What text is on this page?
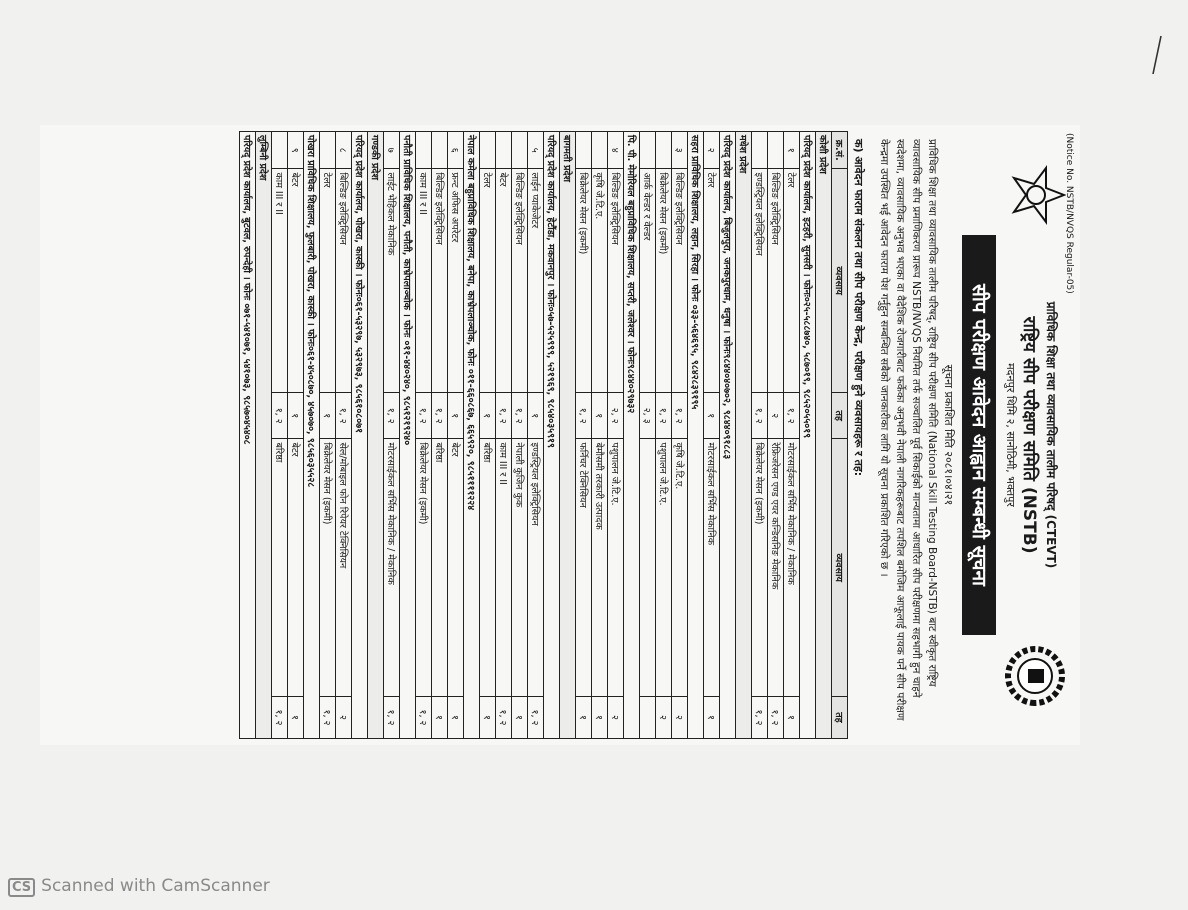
(Notice No. NSTB/NVQS Regular-05)
प्राविधिक शिक्षा तथा व्यावसायिक तालीम परिषद् (CTEVT)
राष्ट्रिय सीप परीक्षण समिति (NSTB)
मदनपुर थिमि २, सानोठिमी, भक्तपुर
सीप परीक्षण आवेदन आह्वान सम्बन्धी सूचना
सूचना प्रकाशित मिति २०८१।०४।२१
प्राविधिक शिक्षा तथा व्यावसायिक तालीम परिषद्, राष्ट्रिय सीप परीक्षण समिति (National Skill Testing Board-NSTB) बाट स्वीकृत राष्ट्रिय व्यावसायिक सीप प्रमाणिकरण प्रारूप NSTB/NVQS नियमित तर्फ सञ्चालित पूर्व सिकाईको मान्यतामा आधारित सीप परीक्षणमा सहभागी हुन चाहने स्वदेशमा, व्यावसायिक अनुभव भएका वा वैदेशिक रोजगारीबाट फर्केका अनुभवी नेपाली नागरिकहरूबाट तपशिल बमोजिम आफूलाई पायक पर्ने सीप परीक्षण केन्द्रमा उपस्थित भई आवेदन फाराम पेश गर्नुहुन सम्बन्धित सबैको जानकारीका लागि यो सूचना प्रकाशित गरिएको छ ।
क) आवेदन फाराम संकलन तथा सीप परीक्षण केन्द्र, परीक्षण हुने व्यवसायहरू र तह:
क्र.सं.	व्यवसाय	तह	व्यवसाय	तह
कोशी प्रदेश				
परियद् प्रदेश कार्यालय, इटहरी, सुनसरी । फोनः०२५-५८८७४०, ५८७०१९, ९८५२०५५०१९				
१	टेलर	१, २	मोटरसाईकल सर्भिस मेकानिक / मेकानिक	१
	बिल्डिङ इलेक्ट्रिसियन	२	रेफ्रिजरेसन एण्ड एयर कन्डिसनिङ मेकानिक	१, २
	इण्डस्ट्रियल इलेक्ट्रिसियन	१, २	बिक्रेलेयर मेसन (इकमी)	१, २
मधेश प्रदेश				
परियद् प्रदेश कार्यालय, बिजुलपुरा, जनकपुरधाम, धनुषा । फोनः९८४४०४०७०२, ९८४४०९१८८३				
२	टेलर	१	मोटरसाईकल सर्भिस मेकानिक	१
सहरा प्राविधिक शिक्षालय, लहान, सिरहा । फोनः ०३३-५६४६९५, ९८४२८३९१९५				
३	बिल्डिङ इलेक्ट्रिसियन	१, २	कृषि जे.टि.ए.	२
	बिक्रेलेयर मेसन (इकमी)	१, २	पशुपालन जे.टि.ए.	२
	आर्क वेल्डर र वेल्डर	२, ३		
पि. पी. मेमोरियल बहुप्राविधिक शिक्षालय, सप्तरी, जलेश्वर । फोनः९८४४०२९७३२				
४	बिल्डिङ इलेक्ट्रिसियन	२, २	पशुपालन जे.टि.ए.	२
	कृषि जे.टि.ए.	१	बेमौसमी तरकारी उत्पादक	१
	बिक्रेलेयर मेसन (इकमी)	१, २	फर्निचर टेक्निसियन	१
बागमती प्रदेश				
परियद् प्रदेश कार्यालय, हेटौंडा, मकवानपुर । फोनः०५७-५२५९९९, ५२१९६९, ९८५४०३५९१९				
५	लाईन प्याकेजेटर	१	इण्डस्ट्रियल इलेक्ट्रिसियन	१, २
	बिल्डिङ इलेक्ट्रिसियन	१, २	नेपाली कुजिन कुक	१
	बेटर	१, २	काम III र II	१, २
	टेलर	१	बरिष्ठा	१
नेपाल कमेला बहुप्राविधिक शिक्षालय, बनेपा, काभ्रेपलाञ्चोक, फोनः ०११-६६०८६७, ६६५९२०, ९८५११११२२४				
६	फ्रन्ट अफिस अपरेटर	१	बेटर	१
	बिल्डिङ इलेक्ट्रिसियन	१, २	बरिष्ठा	१
	काम III र II	१, २	बिक्रेलेयर मेसन (इकमी)	१, २
पनौती प्राविधिक शिक्षालय, पनौती, काभ्रेपलाञ्चोक । फोनः ०११-४४०२४०, ९८५१२१९२४०				
७	लाईट भेहिकल मेकानिक	१, २	मोटरसाईकल सर्भिस मेकानिक / मेकानिक	१, २
गण्डकी प्रदेश				
परियद् प्रदेश कार्यालय, पोखरा, कास्की । फोनः०६१-५३२९७, ५३२९७३, ९८५६१०८०७१				
८	बिल्डिङ इलेक्ट्रिसियन	१, २	सेल/मोबाइल फोन रिपेयर टेक्निसियन	२
	टेलर	१	बिक्रेलेयर मेसन (इकमी)	१, २
पोखरा प्राविधिक शिक्षालय, फुलबारी, पोखरा, कास्की । फोनः०६१-४५०८७०, ४५७०७०, ९८५६०३५५२८				
९	बेटर	१	बेटर	१
	काम III र II	१, २	बरिष्ठा	१, २
लुम्बिनी प्रदेश				
परियद् प्रदेश कार्यालय, बुटवल, रुपन्देही । फोनः ०७१-५४१०७१, ५४१०७३, ९८५७०४५४०८				
CS Scanned with CamScanner
